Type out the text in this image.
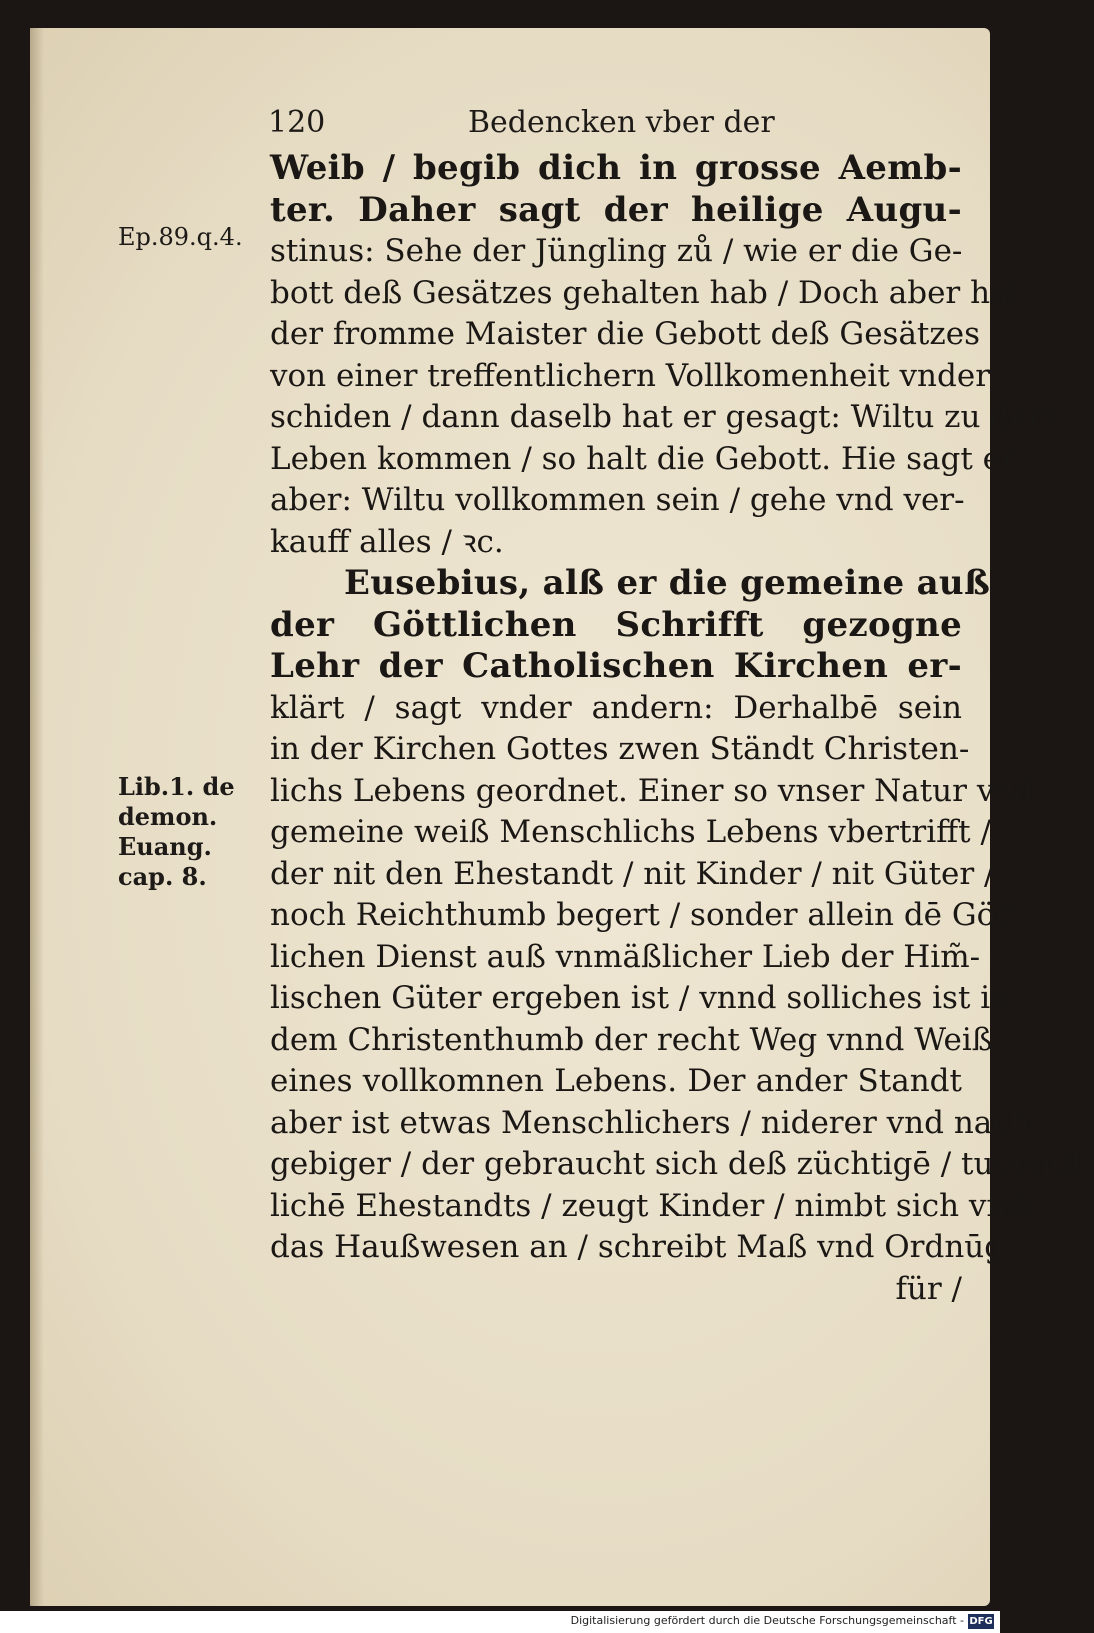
120	Bedencken vber der
Ep.89.q.4.
Lib.1. de
demon.
Euang.
cap. 8.
Weib / begib dich in grosse Aemb-
ter. Daher sagt der heilige Augu-
stinus: Sehe der Jüngling zů / wie er die Ge-
bott deß Gesätzes gehalten hab / Doch aber hat
der fromme Maister die Gebott deß Gesätzes
von einer treffentlichern Vollkomenheit vnder-
schiden / dann daselb hat er gesagt: Wiltu zu dem
Leben kommen / so halt die Gebott. Hie sagt er
aber: Wiltu vollkommen sein / gehe vnd ver-
kauff alles / ꝛc.
Eusebius, alß er die gemeine auß
der Göttlichen Schrifft gezogne
Lehr der Catholischen Kirchen er-
klärt / sagt vnder andern: Derhalbē sein
in der Kirchen Gottes zwen Ständt Christen-
lichs Lebens geordnet. Einer so vnser Natur vnd
gemeine weiß Menschlichs Lebens vbertrifft /
der nit den Ehestandt / nit Kinder / nit Güter /
noch Reichthumb begert / sonder allein dē Gött-
lichen Dienst auß vnmäßlicher Lieb der Him̃-
lischen Güter ergeben ist / vnnd solliches ist in
dem Christenthumb der recht Weg vnnd Weiß /
eines vollkomnen Lebens. Der ander Standt
aber ist etwas Menschlichers / niderer vnd nach-
gebiger / der gebraucht sich deß züchtigē / tugendt-
lichē Ehestandts / zeugt Kinder / nimbt sich vmb
das Haußwesen an / schreibt Maß vnd Ordnūg
für /
Digitalisierung gefördert durch die Deutsche Forschungsgemeinschaft - DFG
